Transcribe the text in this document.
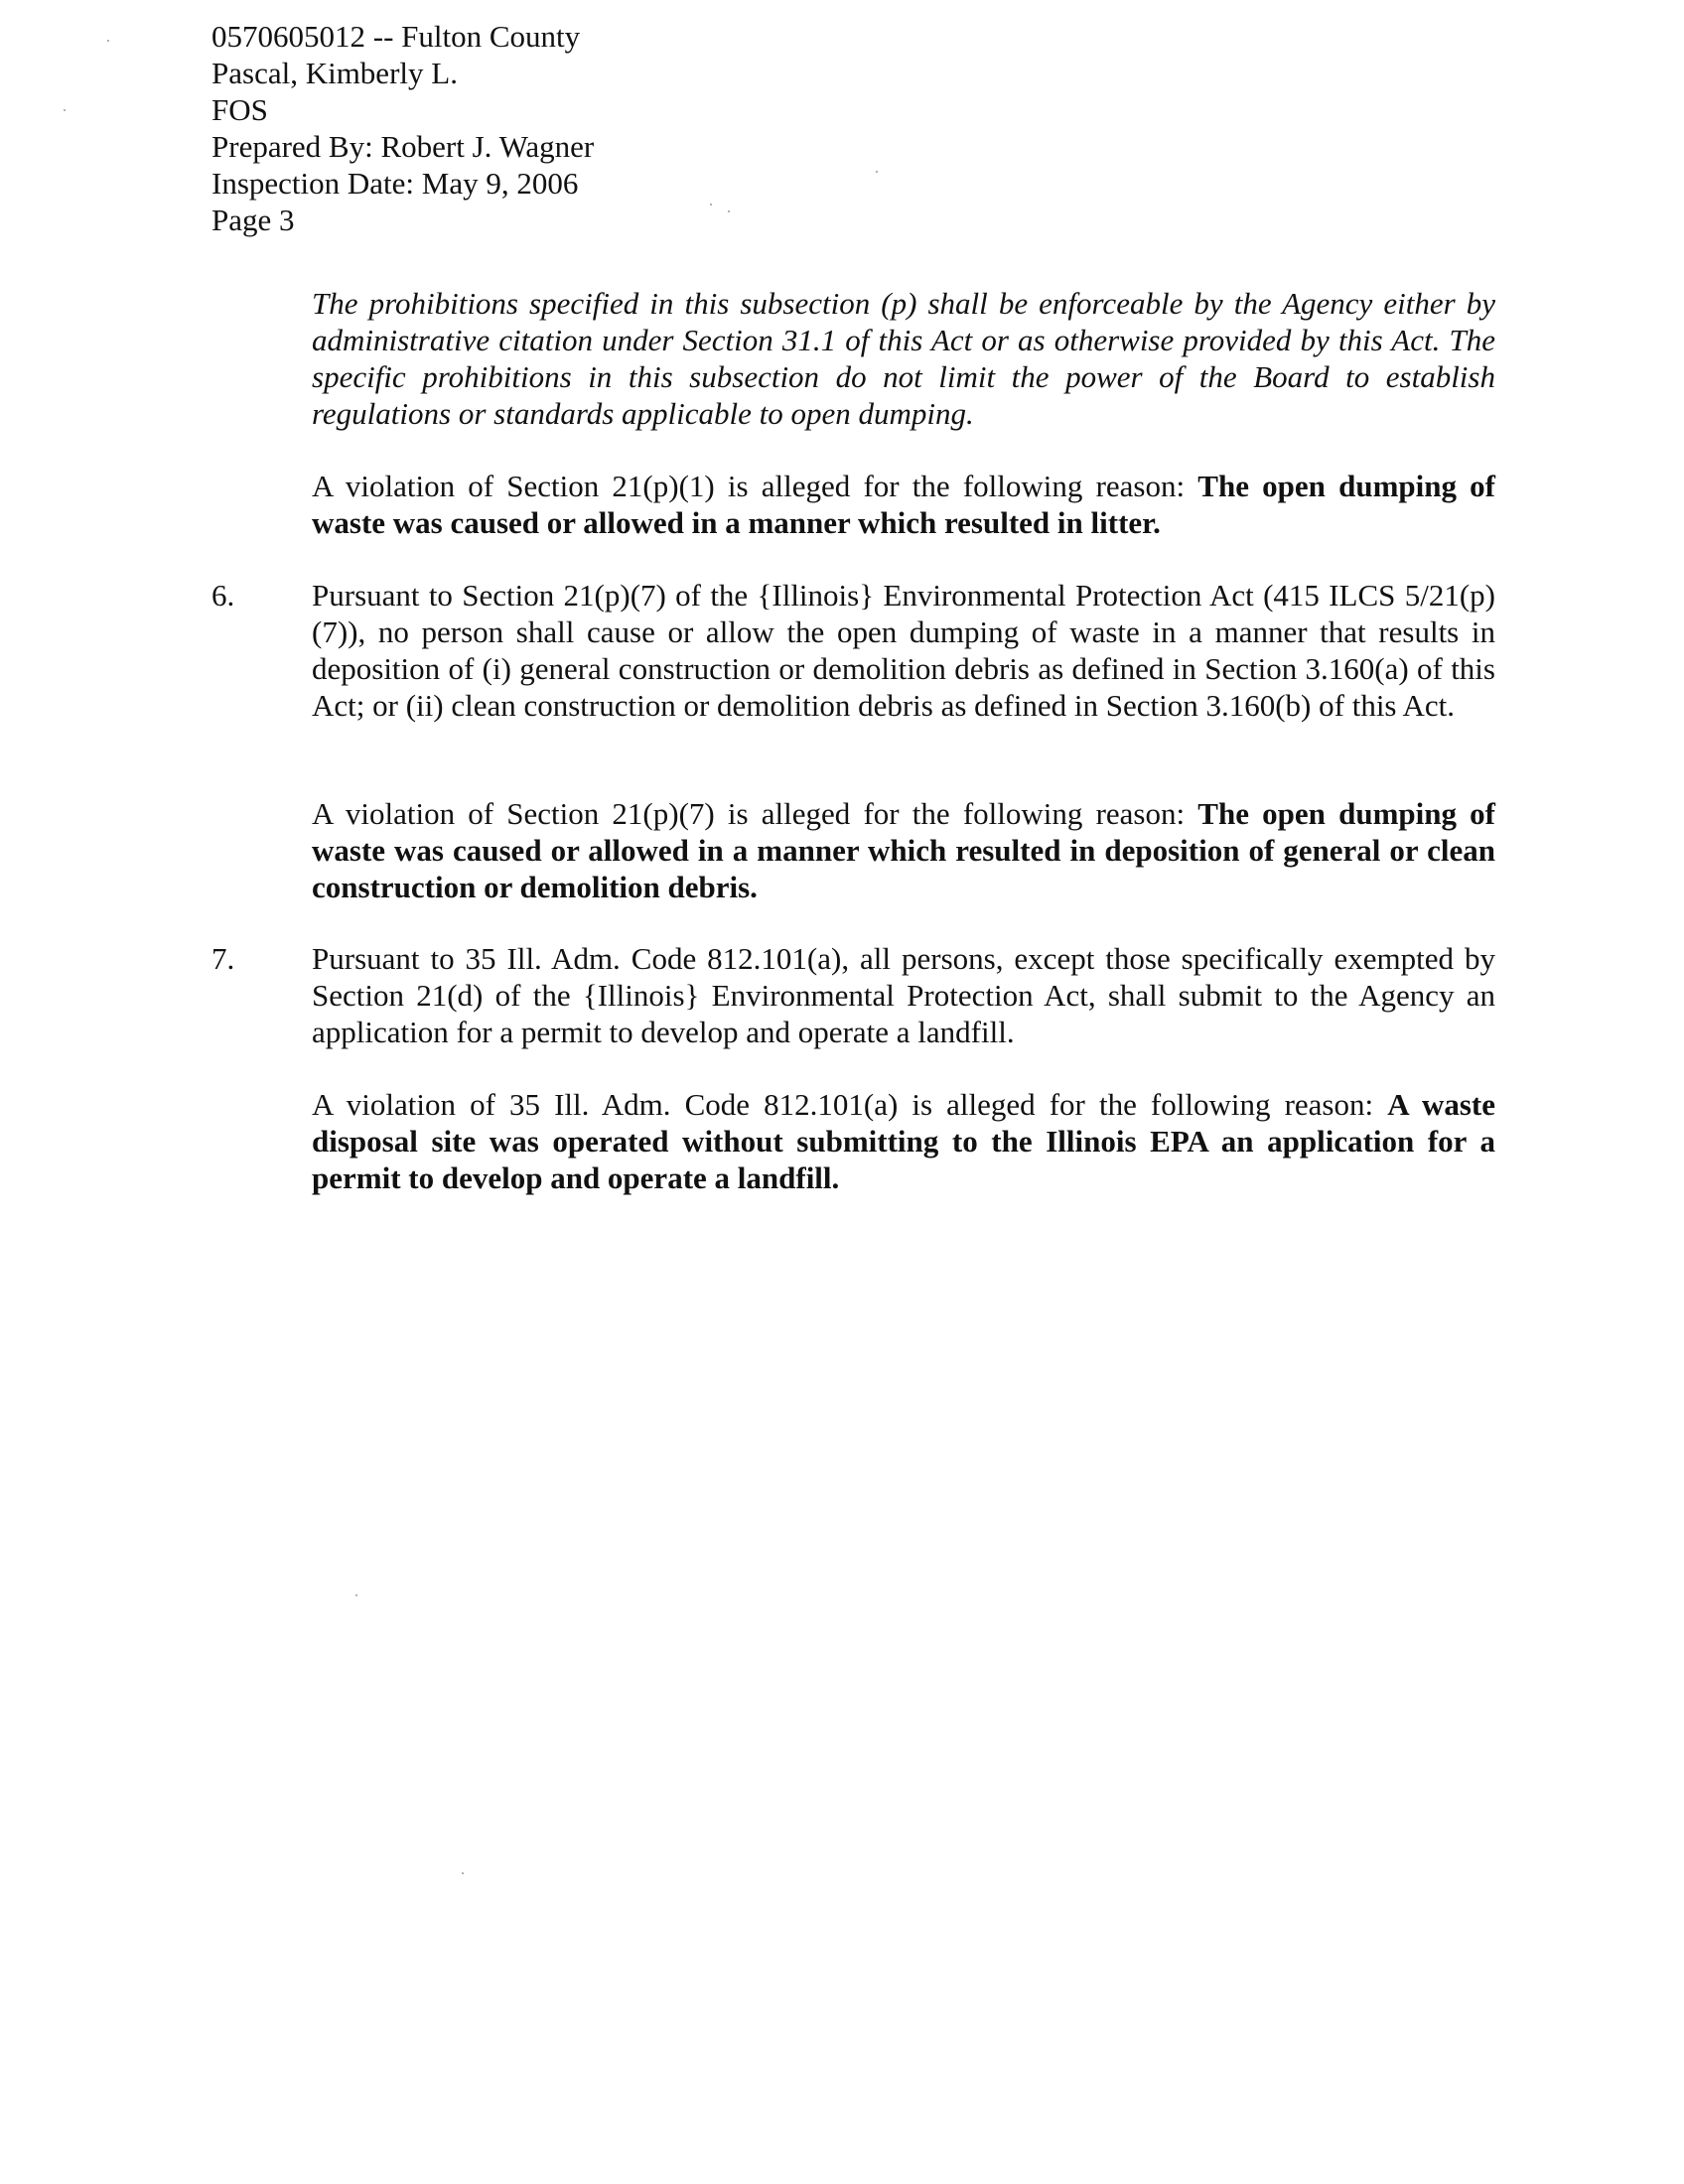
0570605012 -- Fulton County
Pascal, Kimberly L.
FOS
Prepared By: Robert J. Wagner
Inspection Date: May 9, 2006
Page 3

The prohibitions specified in this subsection (p) shall be enforceable by the Agency either by administrative citation under Section 31.1 of this Act or as otherwise provided by this Act. The specific prohibitions in this subsection do not limit the power of the Board to establish regulations or standards applicable to open dumping.

A violation of Section 21(p)(1) is alleged for the following reason: The open dumping of waste was caused or allowed in a manner which resulted in litter.

6.	Pursuant to Section 21(p)(7) of the {Illinois} Environmental Protection Act (415 ILCS 5/21(p)(7)), no person shall cause or allow the open dumping of waste in a manner that results in deposition of (i) general construction or demolition debris as defined in Section 3.160(a) of this Act; or (ii) clean construction or demolition debris as defined in Section 3.160(b) of this Act.

A violation of Section 21(p)(7) is alleged for the following reason: The open dumping of waste was caused or allowed in a manner which resulted in deposition of general or clean construction or demolition debris.

7.	Pursuant to 35 Ill. Adm. Code 812.101(a), all persons, except those specifically exempted by Section 21(d) of the {Illinois} Environmental Protection Act, shall submit to the Agency an application for a permit to develop and operate a landfill.

A violation of 35 Ill. Adm. Code 812.101(a) is alleged for the following reason: A waste disposal site was operated without submitting to the Illinois EPA an application for a permit to develop and operate a landfill.
